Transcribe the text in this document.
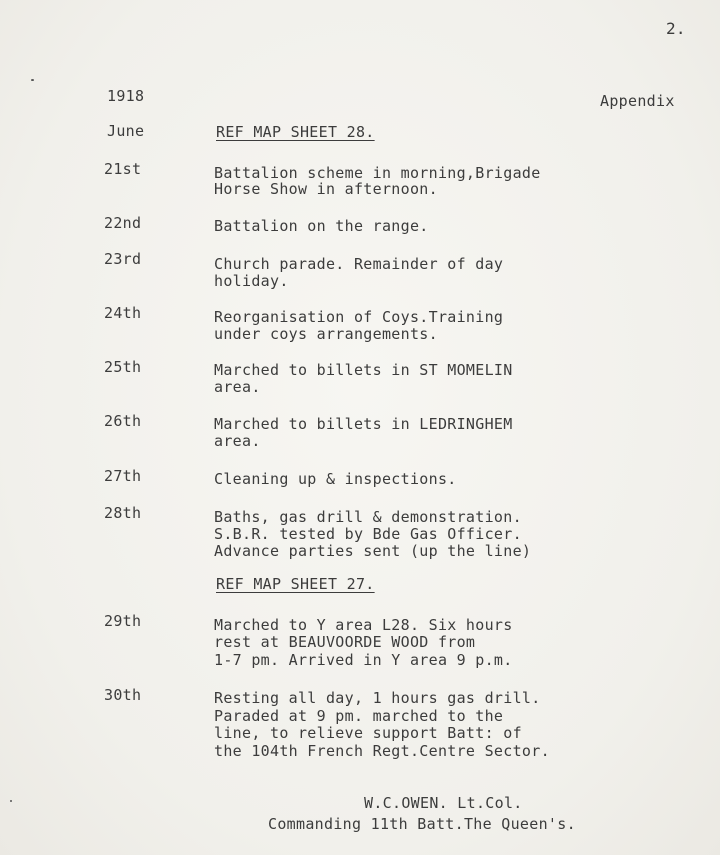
2.
1918	Appendix
June	REF MAP SHEET 28.
21st	Battalion scheme in morning,Brigade
Horse Show in afternoon.
22nd	Battalion on the range.
23rd	Church parade. Remainder of day
holiday.
24th	Reorganisation of Coys.Training
under coys arrangements.
25th	Marched to billets in ST MOMELIN
area.
26th	Marched to billets in LEDRINGHEM
area.
27th	Cleaning up & inspections.
28th	Baths, gas drill & demonstration.
S.B.R. tested by Bde Gas Officer.
Advance parties sent (up the line)
REF MAP SHEET 27.
29th	Marched to Y area L28. Six hours
rest at BEAUVOORDE WOOD from
1-7 pm. Arrived in Y area 9 p.m.
30th	Resting all day, 1 hours gas drill.
Paraded at 9 pm. marched to the
line, to relieve support Batt: of
the 104th French Regt.Centre Sector.
W.C.OWEN. Lt.Col.
Commanding 11th Batt.The Queen's.
